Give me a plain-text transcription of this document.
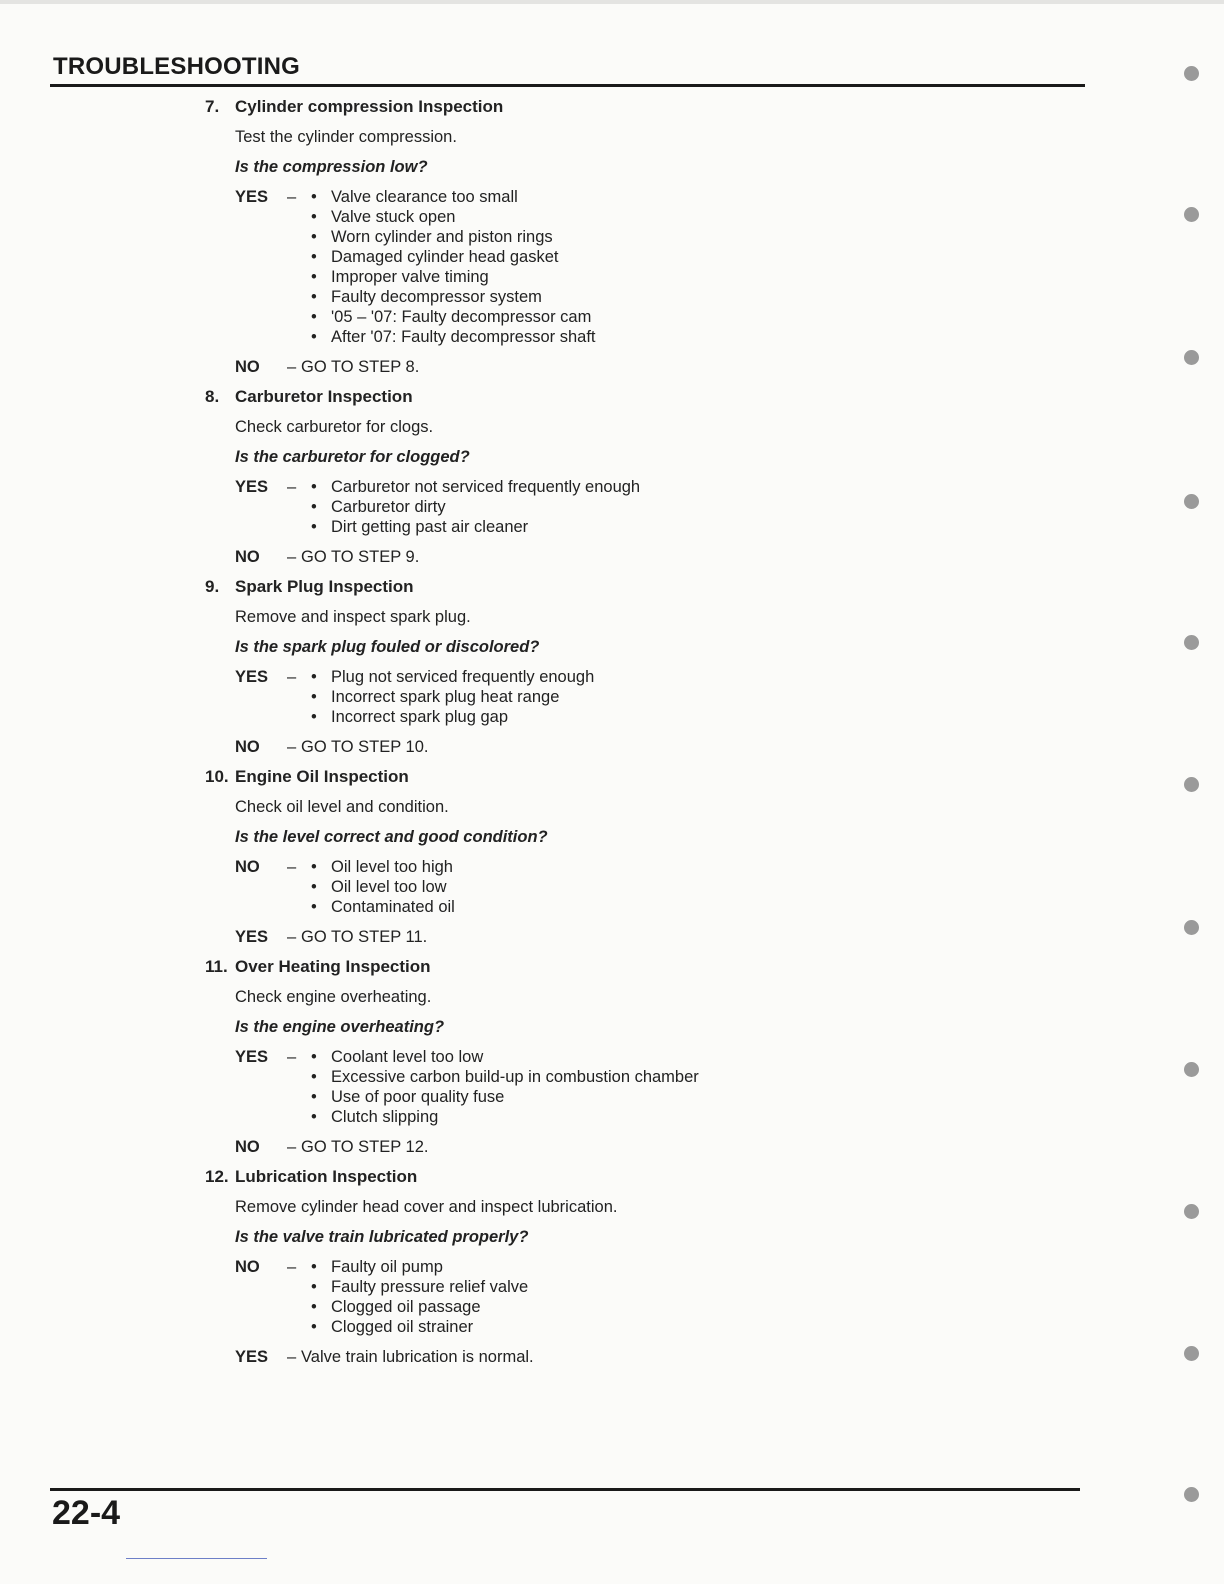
TROUBLESHOOTING
7. Cylinder compression Inspection
Test the cylinder compression.
Is the compression low?
YES	–	• Valve clearance too small
• Valve stuck open
• Worn cylinder and piston rings
• Damaged cylinder head gasket
• Improper valve timing
• Faulty decompressor system
• '05 – '07: Faulty decompressor cam
• After '07: Faulty decompressor shaft
NO	– GO TO STEP 8.
8. Carburetor Inspection
Check carburetor for clogs.
Is the carburetor for clogged?
YES	–	• Carburetor not serviced frequently enough
• Carburetor dirty
• Dirt getting past air cleaner
NO	– GO TO STEP 9.
9. Spark Plug Inspection
Remove and inspect spark plug.
Is the spark plug fouled or discolored?
YES	–	• Plug not serviced frequently enough
• Incorrect spark plug heat range
• Incorrect spark plug gap
NO	– GO TO STEP 10.
10. Engine Oil Inspection
Check oil level and condition.
Is the level correct and good condition?
NO	–	• Oil level too high
• Oil level too low
• Contaminated oil
YES	– GO TO STEP 11.
11. Over Heating Inspection
Check engine overheating.
Is the engine overheating?
YES	–	• Coolant level too low
• Excessive carbon build-up in combustion chamber
• Use of poor quality fuse
• Clutch slipping
NO	– GO TO STEP 12.
12. Lubrication Inspection
Remove cylinder head cover and inspect lubrication.
Is the valve train lubricated properly?
NO	–	• Faulty oil pump
• Faulty pressure relief valve
• Clogged oil passage
• Clogged oil strainer
YES	– Valve train lubrication is normal.
22-4
